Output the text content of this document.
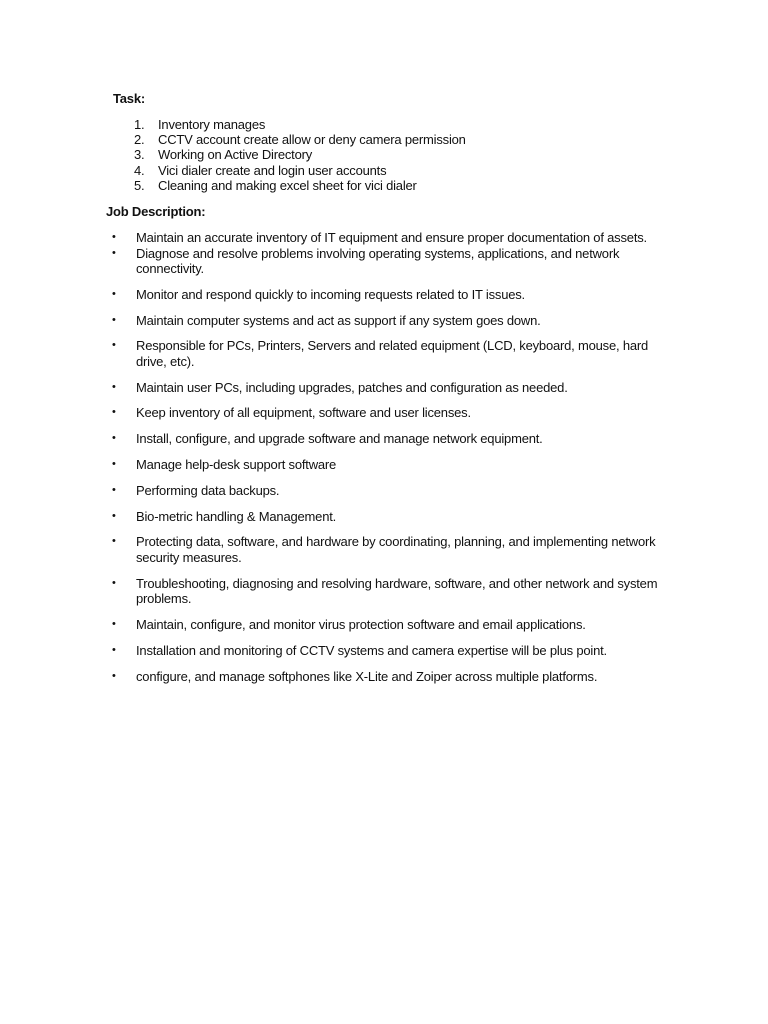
Task:
1. Inventory manages
2. CCTV account create allow or deny camera permission
3. Working on Active Directory
4. Vici dialer create and login user accounts
5. Cleaning and making excel sheet for vici dialer
Job Description:
• Maintain an accurate inventory of IT equipment and ensure proper documentation of assets.
• Diagnose and resolve problems involving operating systems, applications, and network connectivity.
• Monitor and respond quickly to incoming requests related to IT issues.
• Maintain computer systems and act as support if any system goes down.
• Responsible for PCs, Printers, Servers and related equipment (LCD, keyboard, mouse, hard drive, etc).
• Maintain user PCs, including upgrades, patches and configuration as needed.
• Keep inventory of all equipment, software and user licenses.
• Install, configure, and upgrade software and manage network equipment.
• Manage help-desk support software
• Performing data backups.
• Bio-metric handling & Management.
• Protecting data, software, and hardware by coordinating, planning, and implementing network security measures.
• Troubleshooting, diagnosing and resolving hardware, software, and other network and system problems.
• Maintain, configure, and monitor virus protection software and email applications.
• Installation and monitoring of CCTV systems and camera expertise will be plus point.
• configure, and manage softphones like X-Lite and Zoiper across multiple platforms.
